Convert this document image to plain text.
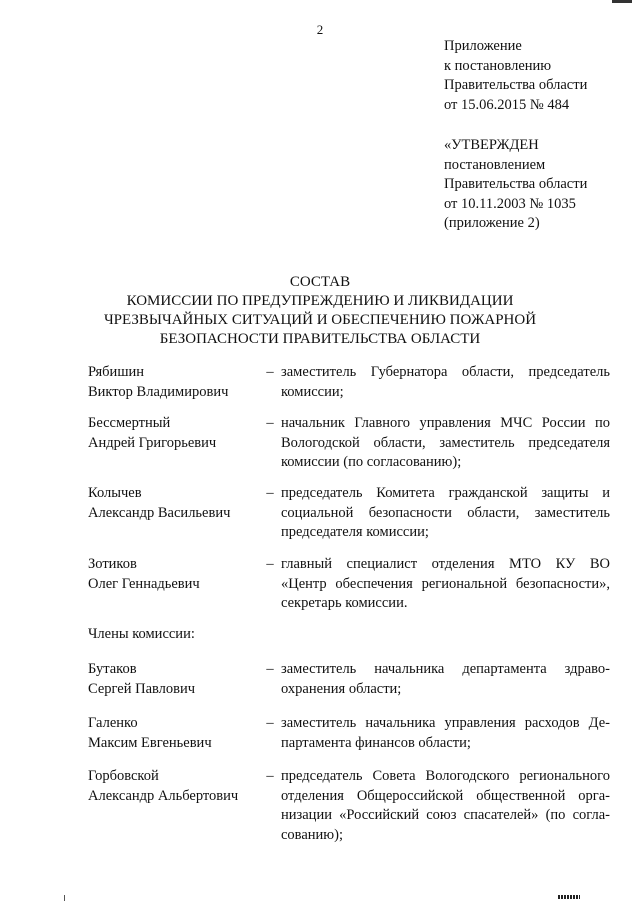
2
Приложение
к постановлению
Правительства области
от 15.06.2015 № 484
«УТВЕРЖДЕН
постановлением
Правительства области
от 10.11.2003 № 1035
(приложение 2)
СОСТАВ
КОМИССИИ ПО ПРЕДУПРЕЖДЕНИЮ И ЛИКВИДАЦИИ
ЧРЕЗВЫЧАЙНЫХ СИТУАЦИЙ И ОБЕСПЕЧЕНИЮ ПОЖАРНОЙ
БЕЗОПАСНОСТИ ПРАВИТЕЛЬСТВА ОБЛАСТИ
Рябишин
Виктор Владимирович
– заместитель Губернатора области, председатель
комиссии;
Бессмертный
Андрей Григорьевич
– начальник Главного управления МЧС России по
Вологодской области, заместитель председателя
комиссии (по согласованию);
Колычев
Александр Васильевич
– председатель Комитета гражданской защиты и
социальной безопасности области, заместитель
председателя комиссии;
Зотиков
Олег Геннадьевич
– главный специалист отделения МТО КУ ВО
«Центр обеспечения региональной безопасности»,
секретарь комиссии.
Бутаков
Сергей Павлович
– заместитель начальника департамента здраво-
охранения области;
Галенко
Максим Евгеньевич
– заместитель начальника управления расходов Де-
партамента финансов области;
Горбовской
Александр Альбертович
– председатель Совета Вологодского регионального
отделения Общероссийской общественной орга-
низации «Российский союз спасателей» (по согла-
сованию);
Члены комиссии:
